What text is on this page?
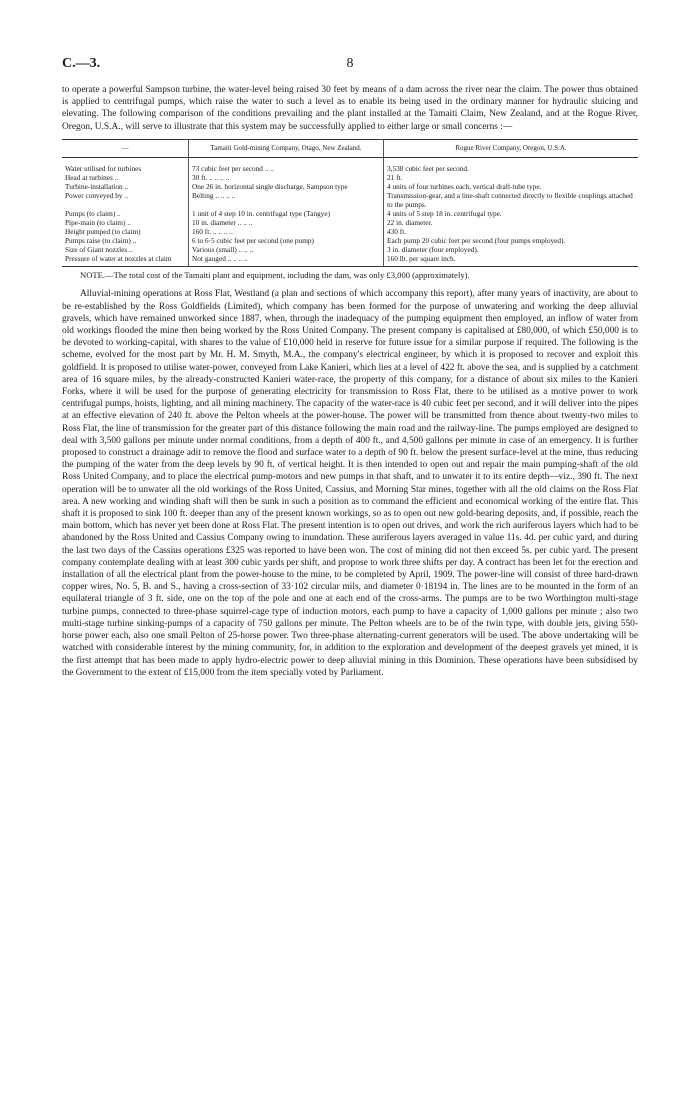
C.—3.	8

to operate a powerful Sampson turbine, the water-level being raised 30 feet by means of a dam across the river near the claim. The power thus obtained is applied to centrifugal pumps, which raise the water to such a level as to enable its being used in the ordinary manner for hydraulic sluicing and elevating. The following comparison of the conditions prevailing and the plant installed at the Tamaiti Claim, New Zealand, and at the Rogue River, Oregon, U.S.A., will serve to illustrate that this system may be successfully applied to either large or small concerns :—

—	Tamaiti Gold-mining Company, Otago, New Zealand.	Rogue River Company, Oregon, U.S.A.
Water utilised for turbines	73 cubic feet per second .. ..	3,538 cubic feet per second.
Head at turbines ..	30 ft. .. .. .. ..	21 ft.
Turbine-installation ..	One 26 in. horizontal single discharge, Sampson type	4 units of four turbines each, vertical draft-tube type.
Power conveyed by ..	Belting .. .. .. ..	Transmission-gear, and a line-shaft connected directly to flexible couplings attached to the pumps.
Pumps (to claim) ..	1 unit of 4 step 10 in. centrifugal type (Tangye)	4 units of 5 step 18 in. centrifugal type.
Pipe-main (to claim) ..	10 in. diameter .. .. ..	22 in. diameter.
Height pumped (to claim)	160 ft. .. .. .. ..	430 ft.
Pumps raise (to claim) ..	6 to 6·5 cubic feet per second (one pump)	Each pump 20 cubic feet per second (four pumps employed).
Size of Giant nozzles ..	Various (small) .. .. ..	3 in. diameter (four employed).
Pressure of water at nozzles at claim	Not gauged .. .. .. ..	160 lb. per square inch.

NOTE.—The total cost of the Tamaiti plant and equipment, including the dam, was only £3,000 (approximately).

Alluvial-mining operations at Ross Flat, Westland (a plan and sections of which accompany this report), after many years of inactivity, are about to be re-established by the Ross Goldfields (Limited), which company has been formed for the purpose of unwatering and working the deep alluvial gravels, which have remained unworked since 1887, when, through the inadequacy of the pumping equipment then employed, an inflow of water from old workings flooded the mine then being worked by the Ross United Company. The present company is capitalised at £80,000, of which £50,000 is to be devoted to working-capital, with shares to the value of £10,000 held in reserve for future issue for a similar purpose if required. The following is the scheme, evolved for the most part by Mr. H. M. Smyth, M.A., the company's electrical engineer, by which it is proposed to recover and exploit this goldfield. It is proposed to utilise water-power, conveyed from Lake Kanieri, which lies at a level of 422 ft. above the sea, and is supplied by a catchment area of 16 square miles, by the already-constructed Kanieri water-race, the property of this company, for a distance of about six miles to the Kanieri Forks, where it will be used for the purpose of generating electricity for transmission to Ross Flat, there to be utilised as a motive power to work centrifugal pumps, hoists, lighting, and all mining machinery. The capacity of the water-race is 40 cubic feet per second, and it will deliver into the pipes at an effective elevation of 240 ft. above the Pelton wheels at the power-house. The power will be transmitted from thence about twenty-two miles to Ross Flat, the line of transmission for the greater part of this distance following the main road and the railway-line. The pumps employed are designed to deal with 3,500 gallons per minute under normal conditions, from a depth of 400 ft., and 4,500 gallons per minute in case of an emergency. It is further proposed to construct a drainage adit to remove the flood and surface water to a depth of 90 ft. below the present surface-level at the mine, thus reducing the pumping of the water from the deep levels by 90 ft. of vertical height. It is then intended to open out and repair the main pumping-shaft of the old Ross United Company, and to place the electrical pump-motors and new pumps in that shaft, and to unwater it to its entire depth—viz., 390 ft. The next operation will be to unwater all the old workings of the Ross United, Cassius, and Morning Star mines, together with all the old claims on the Ross Flat area. A new working and winding shaft will then be sunk in such a position as to command the efficient and economical working of the entire flat. This shaft it is proposed to sink 100 ft. deeper than any of the present known workings, so as to open out new gold-bearing deposits, and, if possible, reach the main bottom, which has never yet been done at Ross Flat. The present intention is to open out drives, and work the rich auriferous layers which had to be abandoned by the Ross United and Cassius Company owing to inundation. These auriferous layers averaged in value 11s. 4d. per cubic yard, and during the last two days of the Cassius operations £325 was reported to have been won. The cost of mining did not then exceed 5s. per cubic yard. The present company contemplate dealing with at least 300 cubic yards per shift, and propose to work three shifts per day. A contract has been let for the erection and installation of all the electrical plant from the power-house to the mine, to be completed by April, 1909. The power-line will consist of three hard-drawn copper wires, No. 5, B. and S., having a cross-section of 33·102 circular mils, and diameter 0·18194 in. The lines are to be mounted in the form of an equilateral triangle of 3 ft. side, one on the top of the pole and one at each end of the cross-arms. The pumps are to be two Worthington multi-stage turbine pumps, connected to three-phase squirrel-cage type of induction motors, each pump to have a capacity of 1,000 gallons per minute ; also two multi-stage turbine sinking-pumps of a capacity of 750 gallons per minute. The Pelton wheels are to be of the twin type, with double jets, giving 550-horse power each, also one small Pelton of 25-horse power. Two three-phase alternating-current generators will be used. The above undertaking will be watched with considerable interest by the mining community, for, in addition to the exploration and development of the deepest gravels yet mined, it is the first attempt that has been made to apply hydro-electric power to deep alluvial mining in this Dominion. These operations have been subsidised by the Government to the extent of £15,000 from the item specially voted by Parliament.
